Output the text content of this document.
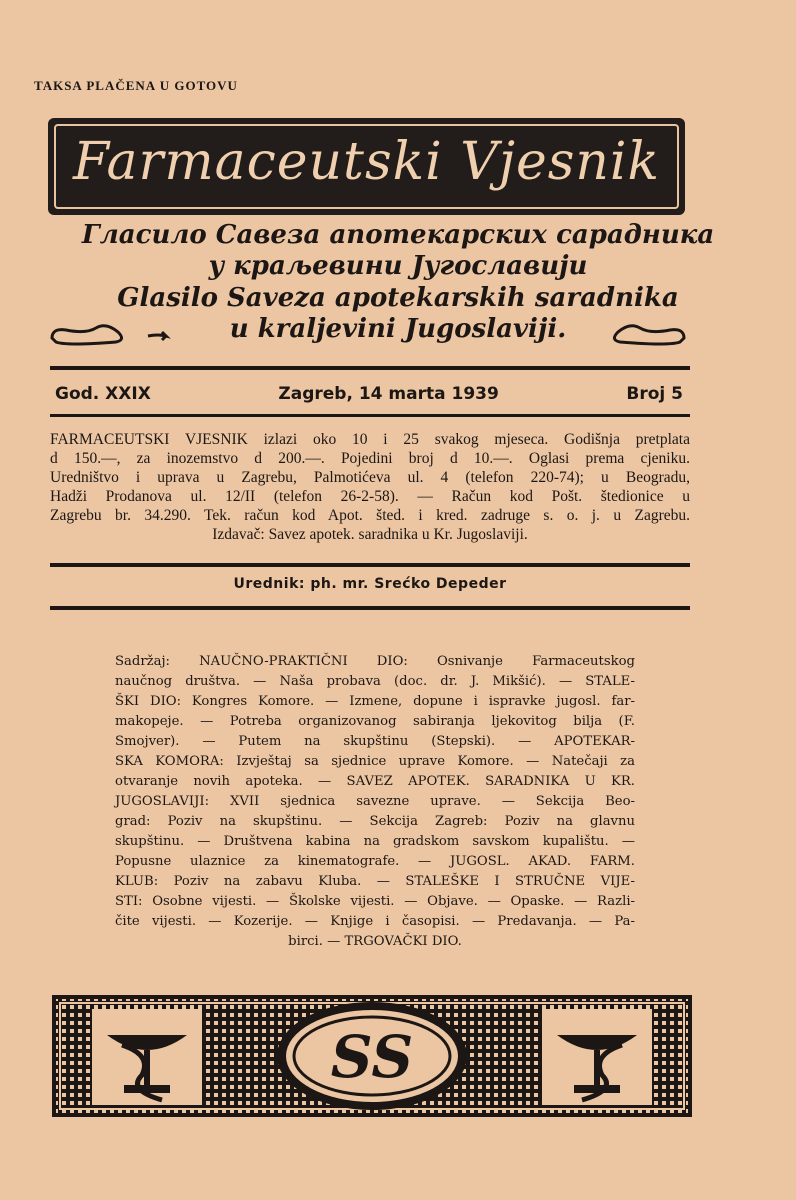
TAKSA PLAČENA U GOTOVU
Farmaceutski Vjesnik
Гласило Савеза апотекарских сарадника
у краљевини Југославији
Glasilo Saveza apotekarskih saradnika
u kraljevini Jugoslaviji.
God. XXIX	Zagreb, 14 marta 1939	Broj 5
FARMACEUTSKI VJESNIK izlazi oko 10 i 25 svakog mjeseca. Godišnja pretplata
d 150.—, za inozemstvo d 200.—. Pojedini broj d 10.—. Oglasi prema cjeniku.
Uredništvo i uprava u Zagrebu, Palmotićeva ul. 4 (telefon 220-74); u Beogradu,
Hadži Prodanova ul. 12/II (telefon 26-2-58). — Račun kod Pošt. štedionice u
Zagrebu br. 34.290. Tek. račun kod Apot. šted. i kred. zadruge s. o. j. u Zagrebu.
Izdavač: Savez apotek. saradnika u Kr. Jugoslaviji.
Urednik: ph. mr. Srećko Depeder
Sadržaj: NAUČNO-PRAKTIČNI DIO: Osnivanje Farmaceutskog
naučnog društva. — Naša probava (doc. dr. J. Mikšić). — STALE-
ŠKI DIO: Kongres Komore. — Izmene, dopune i ispravke jugosl. far-
makopeje. — Potreba organizovanog sabiranja ljekovitog bilja (F.
Smojver). — Putem na skupštinu (Stepski). — APOTEKAR-
SKA KOMORA: Izvještaj sa sjednice uprave Komore. — Natečaji za
otvaranje novih apoteka. — SAVEZ APOTEK. SARADNIKA U KR.
JUGOSLAVIJI: XVII sjednica savezne uprave. — Sekcija Beo-
grad: Poziv na skupštinu. — Sekcija Zagreb: Poziv na glavnu
skupštinu. — Društvena kabina na gradskom savskom kupalištu. —
Popusne ulaznice za kinematografe. — JUGOSL. AKAD. FARM.
KLUB: Poziv na zabavu Kluba. — STALEŠKE I STRUČNE VIJE-
STI: Osobne vijesti. — Školske vijesti. — Objave. — Opaske. — Razli-
čite vijesti. — Kozerije. — Knjige i časopisi. — Predavanja. — Pa-
birci. — TRGOVAČKI DIO.
SS
